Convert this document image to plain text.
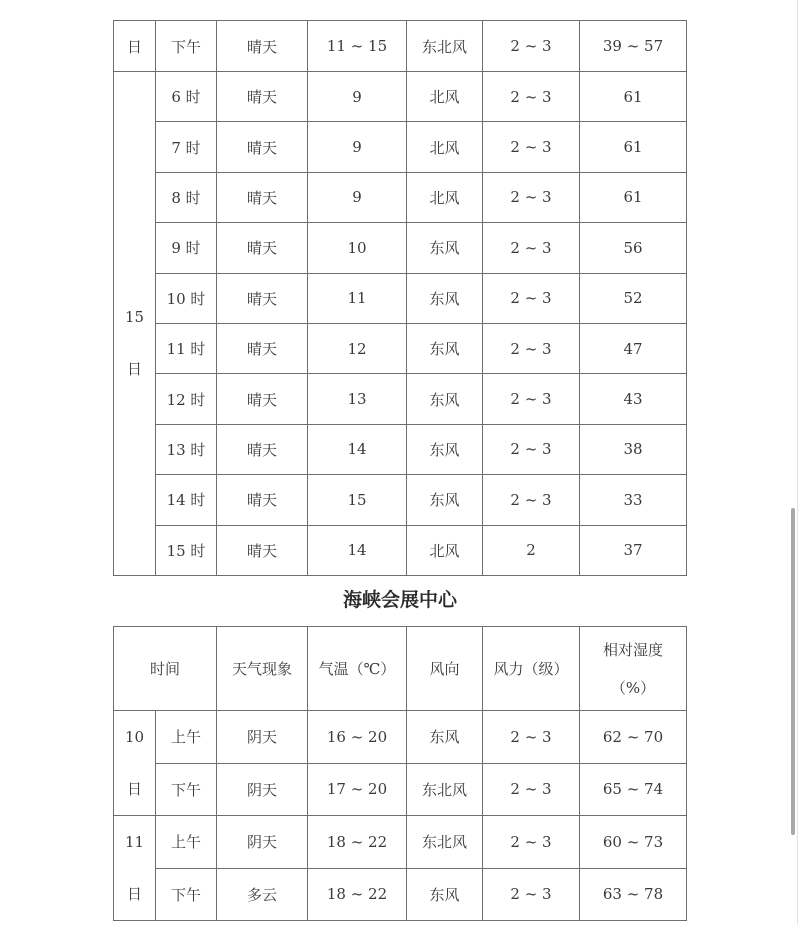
日	下午	晴天	11 ~ 15	东北风	2 ~ 3	39 ~ 57

15
日	6 时	晴天	9	北风	2 ~ 3	61
	7 时	晴天	9	北风	2 ~ 3	61
	8 时	晴天	9	北风	2 ~ 3	61
	9 时	晴天	10	东风	2 ~ 3	56
	10 时	晴天	11	东风	2 ~ 3	52
	11 时	晴天	12	东风	2 ~ 3	47
	12 时	晴天	13	东风	2 ~ 3	43
	13 时	晴天	14	东风	2 ~ 3	38
	14 时	晴天	15	东风	2 ~ 3	33
	15 时	晴天	14	北风	2	37
海峡会展中心
时间		天气现象	气温（℃）	风向	风力（级）	相对湿度
（%）

10
日	上午	阴天	16 ~ 20	东风	2 ~ 3	62 ~ 70
	下午	阴天	17 ~ 20	东北风	2 ~ 3	65 ~ 74

11
日	上午	阴天	18 ~ 22	东北风	2 ~ 3	60 ~ 73
	下午	多云	18 ~ 22	东风	2 ~ 3	63 ~ 78
